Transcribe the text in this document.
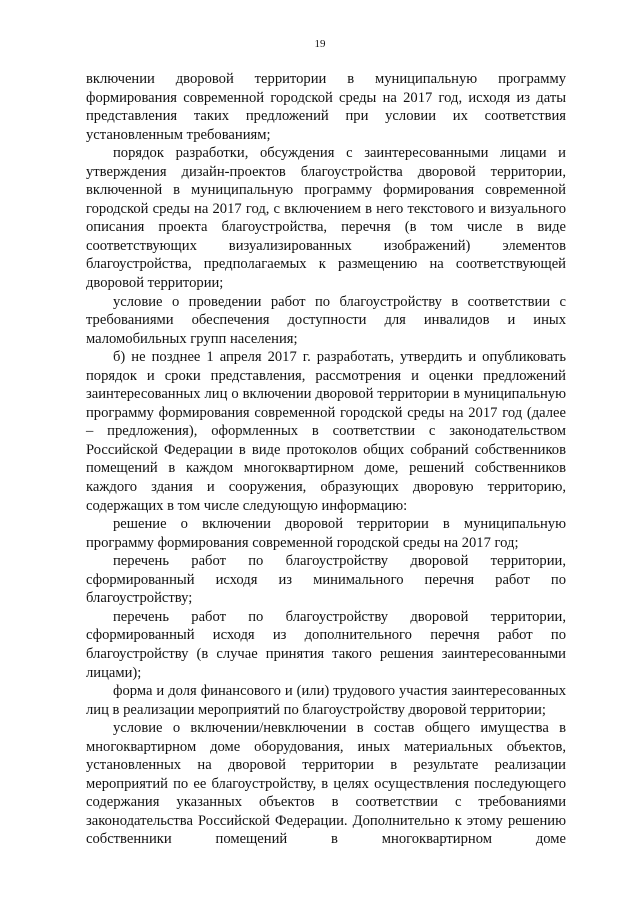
19

включении дворовой территории в муниципальную программу формирования современной городской среды на 2017 год, исходя из даты представления таких предложений при условии их соответствия установленным требованиям;

порядок разработки, обсуждения с заинтересованными лицами и утверждения дизайн-проектов благоустройства дворовой территории, включенной в муниципальную программу формирования современной городской среды на 2017 год, с включением в него текстового и визуального описания проекта благоустройства, перечня (в том числе в виде соответствующих визуализированных изображений) элементов благоустройства, предполагаемых к размещению на соответствующей дворовой территории;

условие о проведении работ по благоустройству в соответствии с требованиями обеспечения доступности для инвалидов и иных маломобильных групп населения;

б) не позднее 1 апреля 2017 г. разработать, утвердить и опубликовать порядок и сроки представления, рассмотрения и оценки предложений заинтересованных лиц о включении дворовой территории в муниципальную программу формирования современной городской среды на 2017 год (далее – предложения), оформленных в соответствии с законодательством Российской Федерации в виде протоколов общих собраний собственников помещений в каждом многоквартирном доме, решений собственников каждого здания и сооружения, образующих дворовую территорию, содержащих в том числе следующую информацию:

решение о включении дворовой территории в муниципальную программу формирования современной городской среды на 2017 год;

перечень работ по благоустройству дворовой территории, сформированный исходя из минимального перечня работ по благоустройству;

перечень работ по благоустройству дворовой территории, сформированный исходя из дополнительного перечня работ по благоустройству (в случае принятия такого решения заинтересованными лицами);

форма и доля финансового и (или) трудового участия заинтересованных лиц в реализации мероприятий по благоустройству дворовой территории;

условие о включении/невключении в состав общего имущества в многоквартирном доме оборудования, иных материальных объектов, установленных на дворовой территории в результате реализации мероприятий по ее благоустройству, в целях осуществления последующего содержания указанных объектов в соответствии с требованиями законодательства Российской Федерации. Дополнительно к этому решению собственники помещений в многоквартирном доме
